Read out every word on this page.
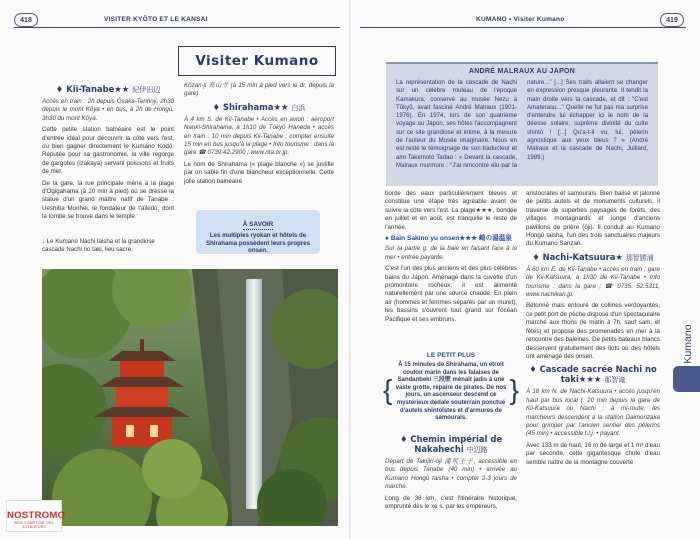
418	VISITER KYÔTO ET LE KANSAI	KUMANO • Visiter Kumano	419
Visiter Kumano
♦ Kii-Tanabe★★ 紀伊田辺

Accès en train : 2h depuis Ōsaka-Tennoji, 2h30 depuis le mont Kōya • en bus, à 2h de Hongū, 3h30 du mont Kōya.

Cette petite station balnéaire est le point d'entrée idéal pour découvrir la côte vers l'est, ou bien gagner directement le Kumano Kodō. Réputée pour sa gastronomie, la ville regorge de gargotes (izakaya) servant poissons et fruits de mer.

De la gare, la rue principale mène à la plage d'Ogigahama (à 20 min à pied) où se dresse la statue d'un grand maître natif de Tanabe : Ueshiba Morihei, le fondateur de l'aïkido, dont la tombe se trouve dans le temple

Kōzan-ji 高山寺 (à 15 min à pied vers le dr. depuis la gare).

♦ Shirahama★★ 白浜

À 4 km S. de Kii-Tanabe • Accès en avion : aéroport Nanki-Shirahama, à 1h10 de Tōkyō Haneda • accès en train : 10 min depuis Kii-Tanabe ; compter ensuite 15 min en bus jusqu'à la plage • Info tourisme : dans la gare ☎ 0739.42.2900 ; www.nta.or.jp.

Le nom de Shirahama (« plage blanche ») se justifie par un sable fin d'une blancheur exceptionnelle. Cette jolie station balnéaire

À SAVOIR
Les multiples ryokan et hôtels de Shirahama possèdent leurs propres onsen.
↓ Le Kumano Nachi taisha et la grandiose cascade Nachi no taki, lieu sacré.
NOSTROMO
WEB COMPTOIR DES VOYAGEURS
ANDRÉ MALRAUX AU JAPON
La représentation de la cascade de Nachi sur un célèbre rouleau de l'époque Kamakura, conservé au musée Nezu à Tōkyō, avait fasciné André Malraux (1901-1976). En 1974, lors de son quatrième voyage au Japon, ses hôtes l'accompagnent sur ce site grandiose et intime, à la mesure de l'auteur du Musée imaginaire. Nous en est resté le témoignage de son traducteur et ami Takemoto Tadao : « Devant la cascade, Malraux murmure : "J'ai rencontré élu par la nature..." [...] Ses traits allaient se changer en expression presque pleurante. Il tendit la main droite vers la cascade, et dit : "C'est Amaterasu..." Quelle ne fut pas ma surprise d'entendre lui échapper ici le nom de la déesse solaire, suprême divinité du culte shintō ! [...] Qu'a-t-il vu, lui, pèlerin agnostique aux yeux bleus ? » (André Malraux et la cascade de Nachi, Juillard, 1989.)

borde des eaux particulièrement bleues et constitue une étape très agréable avant de suivre la côte vers l'est. La plage★★★, bondée en juillet et en août, est tranquille le reste de l'année.

● Bain Sakino yu onsen★★★ 崎の湯温泉

Sur la partie g. de la baie en faisant face à la mer • entrée payante.

C'est l'un des plus anciens et des plus célèbres bains du Japon. Aménagé dans la cuvette d'un promontoire rocheux, il est alimenté naturellement par une source chaude. En plein air (hommes et femmes séparés par un muret), les bassins s'ouvrent tout grand sur l'océan Pacifique et ses embruns.

LE PETIT PLUS
{
À 15 minutes de Shirahama, un étroit couloir marin dans les falaises de Sandanbeki 三段壁 mènait jadis à une vaste grotte, repaire de pirates. De nos jours, un ascenseur descend ce mystérieux dédale souterrain ponctué d'autels shintoïstes et d'armures de samouraïs.
}
♦ Chemin impérial de Nakahechi 中辺路

Départ de Takijiri-ōji 滝尻王子, accessible en bus depuis Tanabe (40 min) • arrivée au Kumano Hongū taisha • compter 2-3 jours de marche.

Long de 38 km, c'est l'itinéraire historique, emprunté dès le xe s. par les empereurs,

aristocrates et samouraïs. Bien balisé et jalonné de petits autels et de monuments culturels, il traverse de superbes paysages de forêts, des villages montagnards et longe d'anciens pavillons de prière (ōji). Il conduit au Kumano Hongū taisha, l'un des trois sanctuaires majeurs du Kumano Sanzan.

♦ Nachi-Katsuura★ 那智勝浦

À 60 km E. de Kii-Tanabe • accès en train : gare de Kii-Katsuura, à 1h30 de Kii-Tanabe • Info tourisme : dans la gare ; ☎ 0735. 52.5311, www.nachikan.jp.

Bétonné mais entouré de collines verdoyantes, ce petit port de pêche dispose d'un spectaculaire marché aux thons (le matin à 7h, sauf sam. et fêtes) et propose des promenades en mer à la rencontre des baleines. De petits bateaux blancs desservent gratuitement des îlots où des hôtels ont aménagé des onsen.

♦ Cascade sacrée Nachi no taki★★★ 那智滝

À 18 km N. de Nachi-Katsuura • accès jusqu'en haut par bus local (. 20 min depuis la gare de Kii-Katsuura ou Nachi ; à mi-route, les marcheurs descendent à la station Daimonzaka pour grimper par l'ancien sentier des pèlerins (45 min) • accessible t.l.j. • payant.

Avec 133 m de haut, 16 m de large et 1 m³ d'eau par seconde, cette gigantesque chute d'eau semble naître de la montagne couverte

Kumano
